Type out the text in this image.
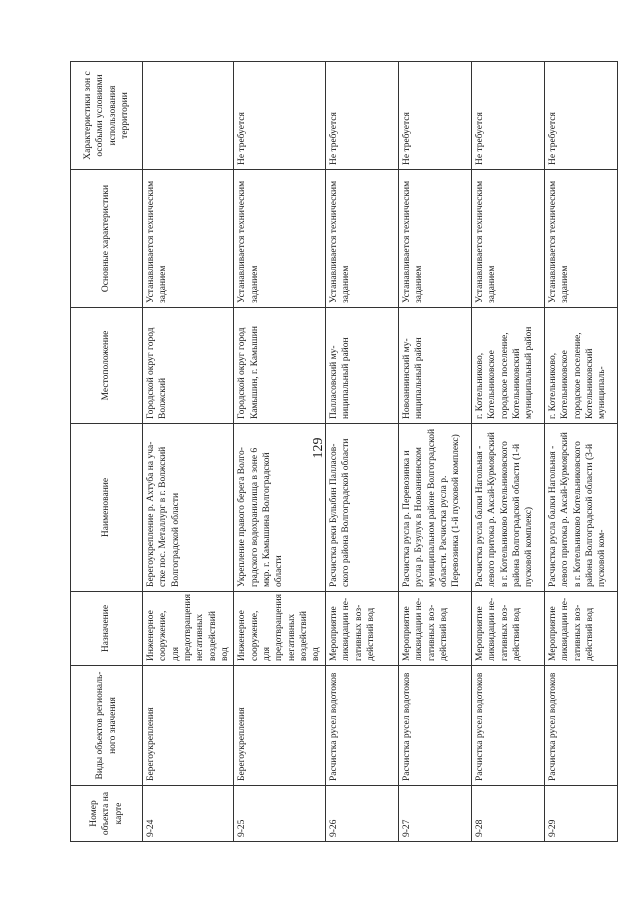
129
Номер объекта на карте	Виды объектов регионального значения	Назначение	Наименование	Местоположение	Основные характеристики	Характеристики зон с особыми условиями использования территории
9-24	Берегоукрепления	Инженерное сооружение, для предотвращения негативных воздействий вод	Берегоукрепление р. Ахтуба на участке пос. Металлург в г. Волжский Волгоградской области	Городской округ город Волжский	Устанавливается техническим заданием	
9-25	Берегоукрепления	Инженерное сооружение, для предотвращения негативных воздействий вод	Укрепление правого берега Волгоградского водохранилища в зоне 6 мкр. г. Камышина Волгоградской области	Городской округ город Камышин, г. Камышин	Устанавливается техническим заданием	Не требуется
9-26	Расчистка русел водотоков	Мероприятие ликвидации негативных воздействий вод	Расчистка реки Булыбин Палласовского района Волгоградской области	Палласовский муниципальный район	Устанавливается техническим заданием	Не требуется
9-27	Расчистка русел водотоков	Мероприятие ликвидации негативных воздействий вод	Расчистка русла р. Перевозинка и русла р. Бузулук в Новоаннинском муниципальном районе Волгоградской области. Расчистка русла р. Перевозинка (1-й пусковой комплекс)	Новоаннинский муниципальный район	Устанавливается техническим заданием	Не требуется
9-28	Расчистка русел водотоков	Мероприятие ликвидации негативных воздействий вод	Расчистка русла балки Нагольная - левого притока р. Аксай-Курмоярский в г. Котельниково Котельниковского района Волгоградской области (1-й пусковой комплекс)	г. Котельниково, Котельниковское городское поселение, Котельниковский муниципальный район	Устанавливается техническим заданием	Не требуется
9-29	Расчистка русел водотоков	Мероприятие ликвидации негативных воздействий вод	Расчистка русла балки Нагольная - левого притока р. Аксай-Курмоярский в г. Котельниково Котельниковского района Волгоградской области (3-й пусковой ком-	г. Котельниково, Котельниковское городское поселение, Котельниковский муниципаль-	Устанавливается техническим заданием	Не требуется
